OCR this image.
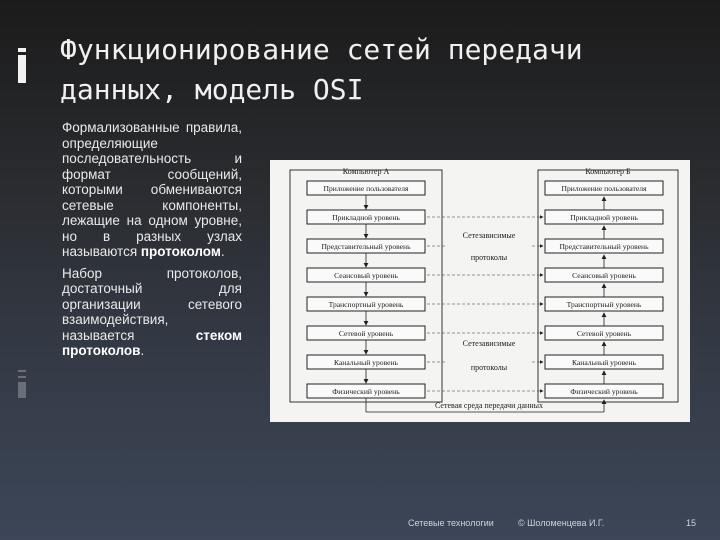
Функционирование сетей передачи
данных, модель OSI

Формализованные правила, определяющие последовательность и формат сообщений, которыми обмениваются сетевые компоненты, лежащие на одном уровне, но в разных узлах называются протоколом.

Набор протоколов, достаточный для организации сетевого взаимодействия, называется стеком протоколов.

Компьютер А	Компьютер Б
Приложение пользователя	Приложение пользователя
Прикладной уровень	Прикладной уровень
Представительный уровень	Представительный уровень
Сеансовый уровень	Сеансовый уровень
Транспортный уровень	Транспортный уровень
Сетевой уровень	Сетевой уровень
Канальный уровень	Канальный уровень
Физический уровень	Физический уровень
Сетезависимые
протоколы
Сетезависимые
протоколы
Сетевая среда передачи данных
Сетевые технологии	© Шоломенцева И.Г.	15
